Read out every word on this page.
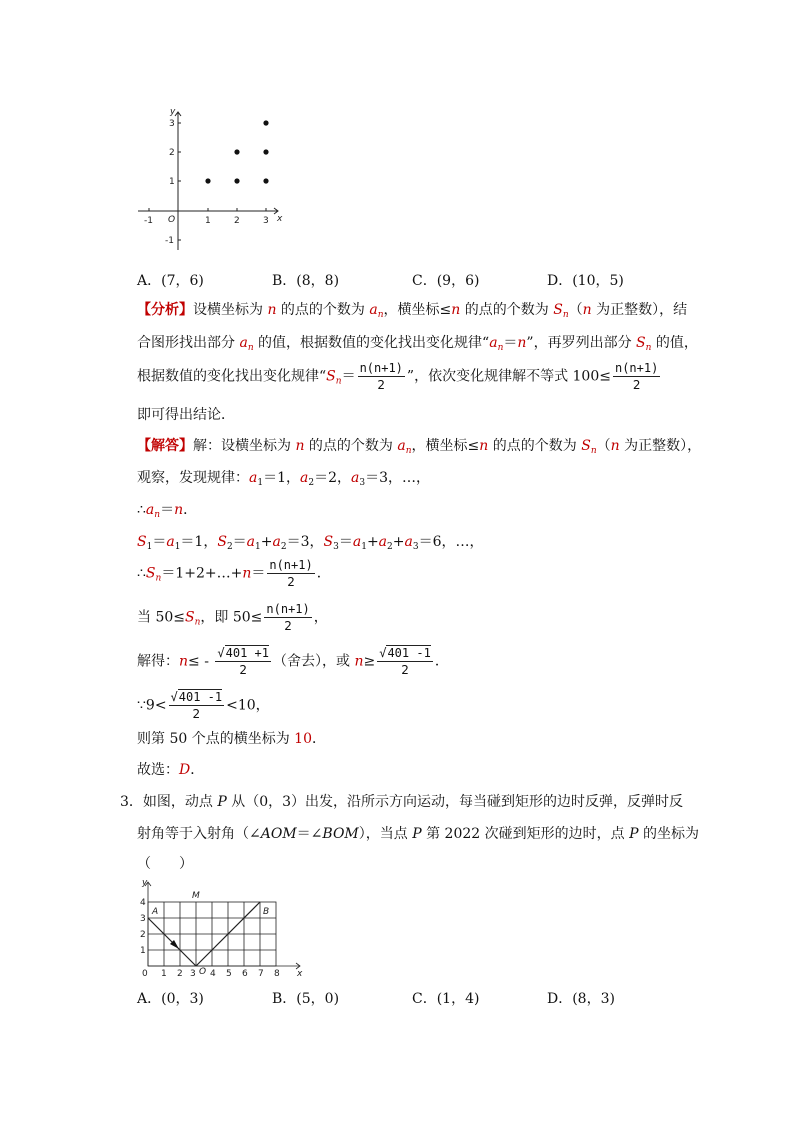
y
x
O
-1	1	2	3
3
2
1
-1
A．(7，6)	B．(8，8)	C．(9，6)	D．(10，5)
【分析】设横坐标为 n 的点的个数为 $a_n$，横坐标≤n 的点的个数为 $S_n(n$ 为正整数），结
合图形找出部分 $a_n$ 的值，根据数值的变化找出变化规律“$a_n=n$”，再罗列出部分 $S_n$ 的值，
根据数值的变化找出变化规律“$S_n= \frac{n(n+1)}{2}$ ”，依次变化规律解不等式 $100\le \frac{n(n+1)}{2}$
即可得出结论．
【解答】解：设横坐标为 n 的点的个数为 $a_n$，横坐标≤n 的点的个数为 $S_n(n$ 为正整数），
观察，发现规律：$a_1=1$，$a_2=2$，$a_3=3$，…，
$\therefore a_n=n$．
$S_1=a_1=1$，$S_2=a_1+a_2=3$，$S_3=a_1+a_2+a_3=6$，…，
$\therefore S_n=1+2+\dots+n= \frac{n(n+1)}{2}$ ．
当 $50\le S_n$，即 $50\le \frac{n(n+1)}{2}$ ，
解得：$n\le - \frac{√401 +1}{2}$ （舍去），或 $n\ge \frac{√401 -1}{2}$ ．
∵9< $\frac{√401 -1}{2} <10$，
则第 50 个点的横坐标为 10．
故选：D．
3．如图，动点 P 从（0，3）出发，沿所示方向运动，每当碰到矩形的边时反弹，反弹时反
射角等于入射角（∠AOM＝∠BOM），当点 P 第 2022 次碰到矩形的边时，点 P 的坐标为
（　　）
y
x
0	O
A	B
M
1 2 3 4 5 6 7 8
4
3
2
1
A．(0，3)	B．(5，0)	C．(1，4)	D．(8，3)
